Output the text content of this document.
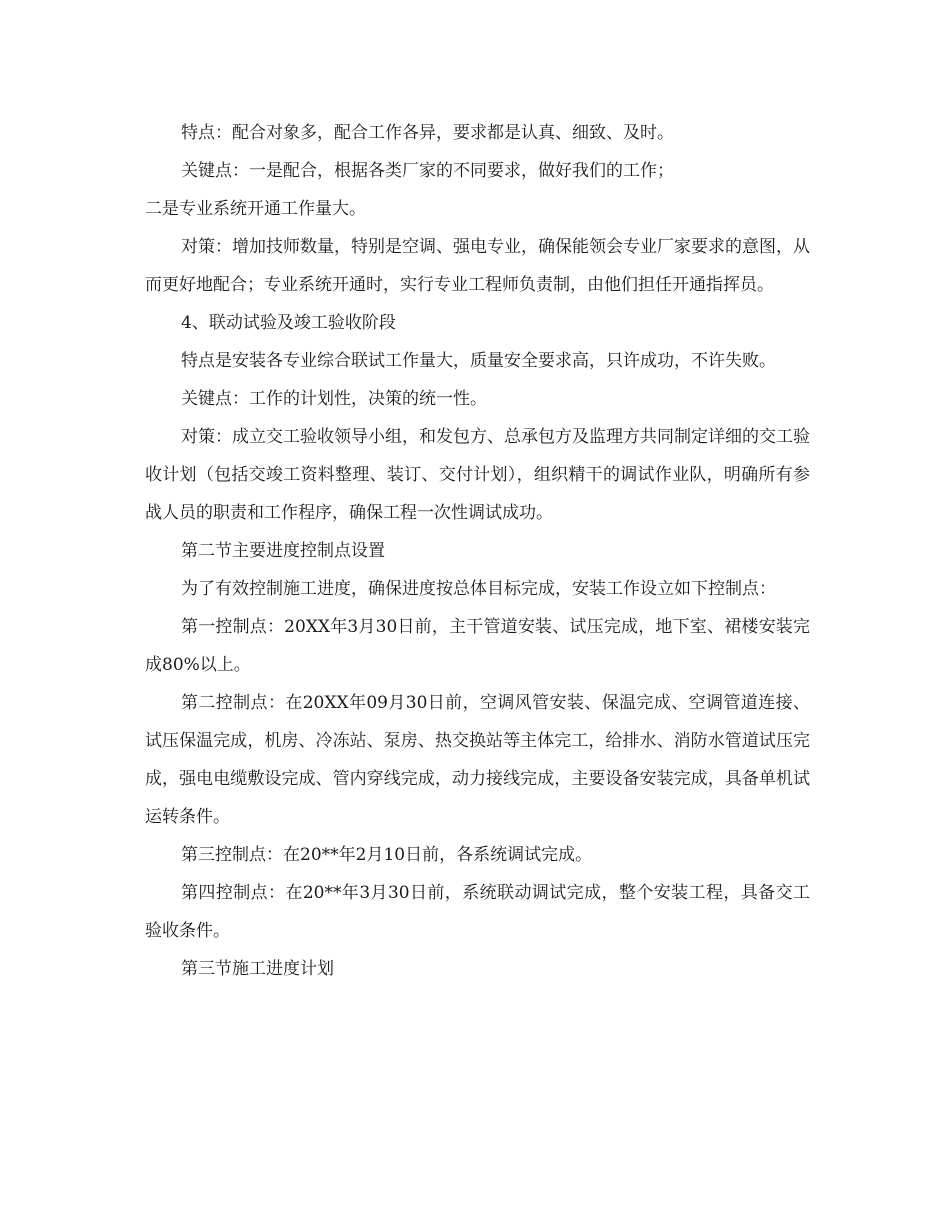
特点：配合对象多，配合工作各异，要求都是认真、细致、及时。

关键点：一是配合，根据各类厂家的不同要求，做好我们的工作；

二是专业系统开通工作量大。

对策：增加技师数量，特别是空调、强电专业，确保能领会专业厂家要求的意图，从而更好地配合；专业系统开通时，实行专业工程师负责制，由他们担任开通指挥员。

4、联动试验及竣工验收阶段

特点是安装各专业综合联试工作量大，质量安全要求高，只许成功，不许失败。

关键点：工作的计划性，决策的统一性。

对策：成立交工验收领导小组，和发包方、总承包方及监理方共同制定详细的交工验收计划（包括交竣工资料整理、装订、交付计划），组织精干的调试作业队，明确所有参战人员的职责和工作程序，确保工程一次性调试成功。

第二节主要进度控制点设置

为了有效控制施工进度，确保进度按总体目标完成，安装工作设立如下控制点：

第一控制点：20XX年3月30日前，主干管道安装、试压完成，地下室、裙楼安装完成80%以上。

第二控制点：在20XX年09月30日前，空调风管安装、保温完成、空调管道连接、试压保温完成，机房、冷冻站、泵房、热交换站等主体完工，给排水、消防水管道试压完成，强电电缆敷设完成、管内穿线完成，动力接线完成，主要设备安装完成，具备单机试运转条件。

第三控制点：在20**年2月10日前，各系统调试完成。

第四控制点：在20**年3月30日前，系统联动调试完成，整个安装工程，具备交工验收条件。

第三节施工进度计划
